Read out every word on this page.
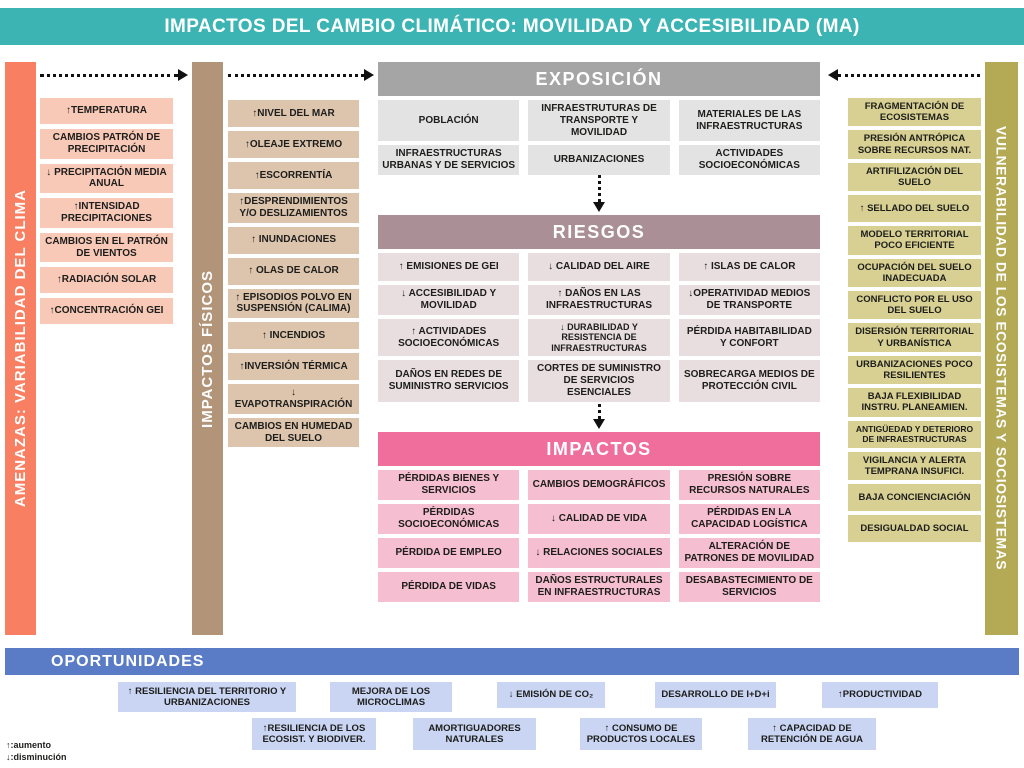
IMPACTOS DEL CAMBIO CLIMÁTICO: MOVILIDAD Y ACCESIBILIDAD (MA)
AMENAZAS: VARIABILIDAD DEL CLIMA	IMPACTOS FÍSICOS	VULNERABILIDAD DE LOS ECOSISTEMAS Y SOCIOSISTEMAS
↑TEMPERATURA
CAMBIOS PATRÓN DE PRECIPITACIÓN
↓ PRECIPITACIÓN MEDIA ANUAL
↑INTENSIDAD PRECIPITACIONES
CAMBIOS EN EL PATRÓN DE VIENTOS
↑RADIACIÓN SOLAR
↑CONCENTRACIÓN GEI
↑NIVEL DEL MAR
↑OLEAJE EXTREMO
↑ESCORRENTÍA
↑DESPRENDIMIENTOS Y/O DESLIZAMIENTOS
↑ INUNDACIONES
↑ OLAS DE CALOR
↑ EPISODIOS POLVO EN SUSPENSIÓN (CALIMA)
↑ INCENDIOS
↑INVERSIÓN TÉRMICA
↓ EVAPOTRANSPIRACIÓN
CAMBIOS EN HUMEDAD DEL SUELO
EXPOSICIÓN
POBLACIÓN
INFRAESTRUTURAS DE TRANSPORTE Y MOVILIDAD
MATERIALES DE LAS INFRAESTRUCTURAS
INFRAESTRUCTURAS URBANAS Y DE SERVICIOS
URBANIZACIONES
ACTIVIDADES SOCIOECONÓMICAS
RIESGOS
↑ EMISIONES DE GEI	↓ CALIDAD DEL AIRE	↑ ISLAS DE CALOR
↓ ACCESIBILIDAD Y MOVILIDAD
↑ DAÑOS EN LAS INFRAESTRUCTURAS
↓OPERATIVIDAD MEDIOS DE TRANSPORTE
↑ ACTIVIDADES SOCIOECONÓMICAS
↓ DURABILIDAD Y RESISTENCIA DE INFRAESTRUCTURAS
PÉRDIDA HABITABILIDAD Y CONFORT
DAÑOS EN REDES DE SUMINISTRO SERVICIOS
CORTES DE SUMINISTRO DE SERVICIOS ESENCIALES
SOBRECARGA MEDIOS DE PROTECCIÓN CIVIL
IMPACTOS
PÉRDIDAS BIENES Y SERVICIOS
CAMBIOS DEMOGRÁFICOS
PRESIÓN SOBRE RECURSOS NATURALES
PÉRDIDAS SOCIOECONÓMICAS
↓ CALIDAD DE VIDA
PÉRDIDAS EN LA CAPACIDAD LOGÍSTICA
PÉRDIDA DE EMPLEO	↓ RELACIONES SOCIALES
ALTERACIÓN DE PATRONES DE MOVILIDAD
PÉRDIDA DE VIDAS
DAÑOS ESTRUCTURALES EN INFRAESTRUCTURAS
DESABASTECIMIENTO DE SERVICIOS
FRAGMENTACIÓN DE ECOSISTEMAS
PRESIÓN ANTRÓPICA SOBRE RECURSOS NAT.
ARTIFILIZACIÓN DEL SUELO
↑ SELLADO DEL SUELO
MODELO TERRITORIAL POCO EFICIENTE
OCUPACIÓN DEL SUELO INADECUADA
CONFLICTO POR EL USO DEL SUELO
DISERSIÓN TERRITORIAL Y URBANÍSTICA
URBANIZACIONES POCO RESILIENTES
BAJA FLEXIBILIDAD INSTRU. PLANEAMIEN.
ANTIGÜEDAD Y DETERIORO DE INFRAESTRUCTURAS
VIGILANCIA Y ALERTA TEMPRANA INSUFICI.
BAJA CONCIENCIACIÓN
DESIGUALDAD SOCIAL
OPORTUNIDADES
↑ RESILIENCIA DEL TERRITORIO Y URBANIZACIONES
MEJORA DE LOS MICROCLIMAS
↓ EMISIÓN DE CO₂	DESARROLLO DE I+D+i	↑PRODUCTIVIDAD
↑RESILIENCIA DE LOS ECOSIST. Y BIODIVER.
AMORTIGUADORES NATURALES
↑ CONSUMO DE PRODUCTOS LOCALES
↑ CAPACIDAD DE RETENCIÓN DE AGUA
↑:aumento
↓:disminución
